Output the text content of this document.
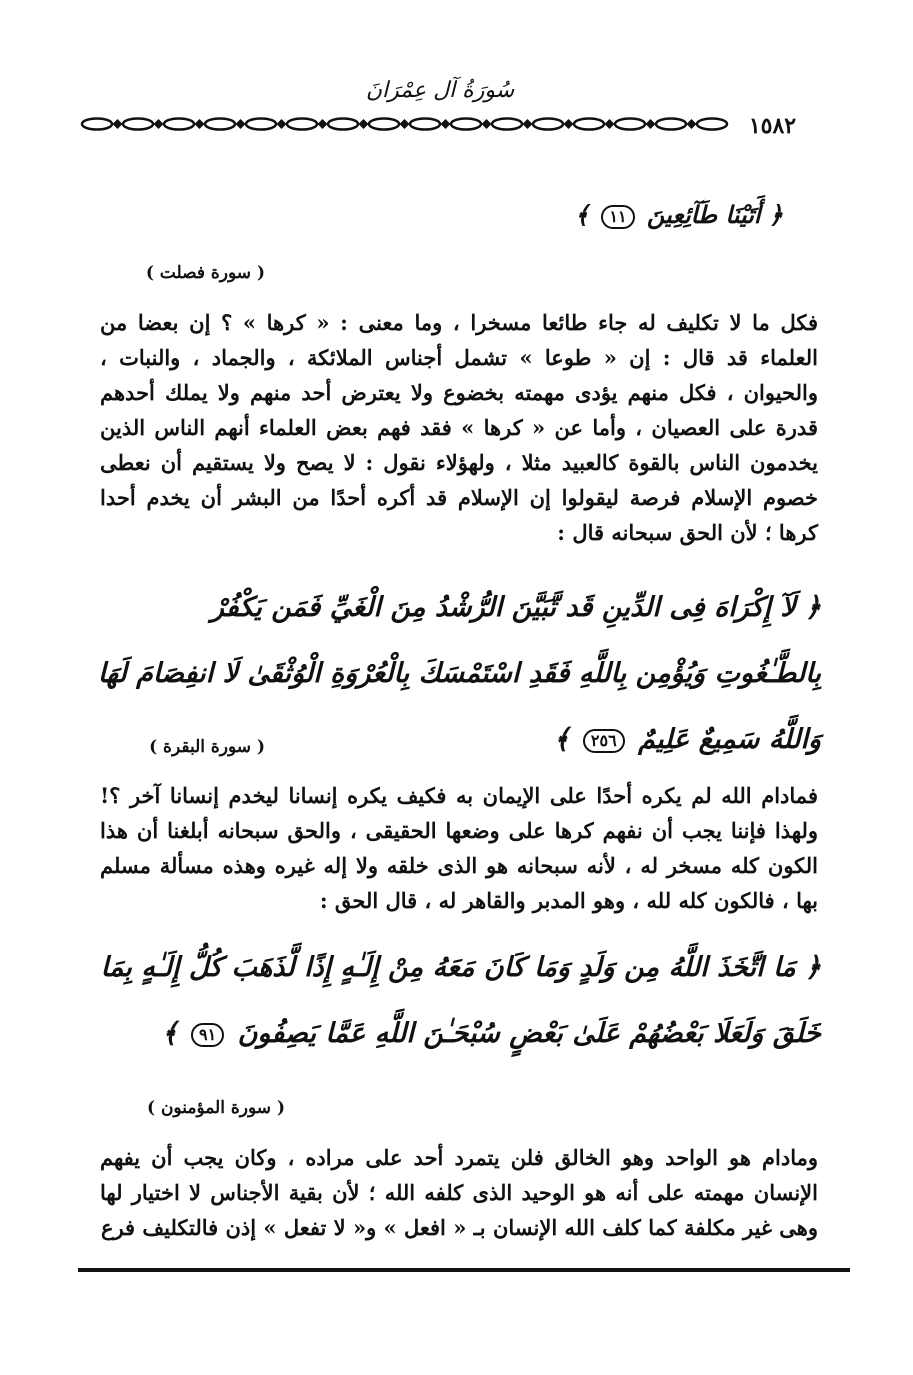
سُورَةُ آل عِمْرَانَ
١٥٨٢
﴿ أَتَيْنَا طَآئِعِينَ ١١ ﴾
( سورة فصلت )
فكل ما لا تكليف له جاء طائعا مسخرا ، وما معنى : « كرها » ؟ إن بعضا من العلماء قد قال : إن « طوعا » تشمل أجناس الملائكة ، والجماد ، والنبات ، والحيوان ، فكل منهم يؤدى مهمته بخضوع ولا يعترض أحد منهم ولا يملك أحدهم قدرة على العصيان ، وأما عن « كرها » فقد فهم بعض العلماء أنهم الناس الذين يخدمون الناس بالقوة كالعبيد مثلا ، ولهؤلاء نقول : لا يصح ولا يستقيم أن نعطى خصوم الإسلام فرصة ليقولوا إن الإسلام قد أكره أحدًا من البشر أن يخدم أحدا كرها ؛ لأن الحق سبحانه قال :
﴿ لَآ إِكْرَاهَ فِى الدِّينِ قَد تَّبَيَّنَ الرُّشْدُ مِنَ الْغَيِّ فَمَن يَكْفُرْ بِالطَّـٰغُوتِ وَيُؤْمِن بِاللَّهِ فَقَدِ اسْتَمْسَكَ بِالْعُرْوَةِ الْوُثْقَىٰ لَا انفِصَامَ لَهَا وَاللَّهُ سَمِيعٌ عَلِيمٌ ٢٥٦ ﴾
( سورة البقرة )
فمادام الله لم يكره أحدًا على الإيمان به فكيف يكره إنسانا ليخدم إنسانا آخر ؟! ولهذا فإننا يجب أن نفهم كرها على وضعها الحقيقى ، والحق سبحانه أبلغنا أن هذا الكون كله مسخر له ، لأنه سبحانه هو الذى خلقه ولا إله غيره وهذه مسألة مسلم بها ، فالكون كله لله ، وهو المدبر والقاهر له ، قال الحق :
﴿ مَا اتَّخَذَ اللَّهُ مِن وَلَدٍ وَمَا كَانَ مَعَهُ مِنْ إِلَـٰهٍ إِذًا لَّذَهَبَ كُلُّ إِلَـٰهٍ بِمَا خَلَقَ وَلَعَلَا بَعْضُهُمْ عَلَىٰ بَعْضٍ سُبْحَـٰنَ اللَّهِ عَمَّا يَصِفُونَ ٩١ ﴾
( سورة المؤمنون )
ومادام هو الواحد وهو الخالق فلن يتمرد أحد على مراده ، وكان يجب أن يفهم الإنسان مهمته على أنه هو الوحيد الذى كلفه الله ؛ لأن بقية الأجناس لا اختيار لها وهى غير مكلفة كما كلف الله الإنسان بـ « افعل » و« لا تفعل » إذن فالتكليف فرع
